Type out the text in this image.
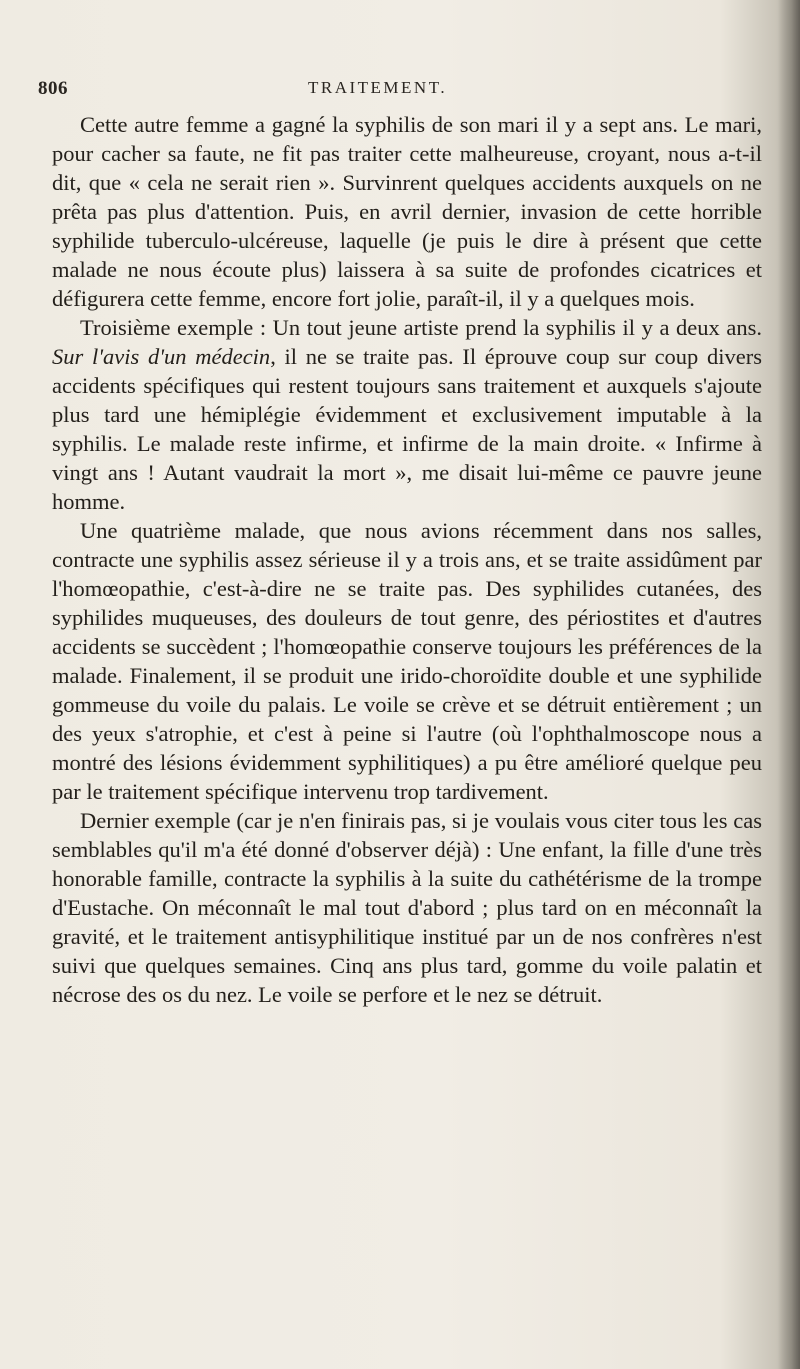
806	TRAITEMENT.

Cette autre femme a gagné la syphilis de son mari il y a sept ans. Le mari, pour cacher sa faute, ne fit pas traiter cette malheureuse, croyant, nous a-t-il dit, que « cela ne serait rien ». Survinrent quelques accidents auxquels on ne prêta pas plus d'attention. Puis, en avril dernier, invasion de cette horrible syphilide tuberculo-ulcéreuse, laquelle (je puis le dire à présent que cette malade ne nous écoute plus) laissera à sa suite de profondes cicatrices et défigurera cette femme, encore fort jolie, paraît-il, il y a quelques mois.

Troisième exemple : Un tout jeune artiste prend la syphilis il y a deux ans. Sur l'avis d'un médecin, il ne se traite pas. Il éprouve coup sur coup divers accidents spécifiques qui restent toujours sans traitement et auxquels s'ajoute plus tard une hémiplégie évidemment et exclusivement imputable à la syphilis. Le malade reste infirme, et infirme de la main droite. « Infirme à vingt ans ! Autant vaudrait la mort », me disait lui-même ce pauvre jeune homme.

Une quatrième malade, que nous avions récemment dans nos salles, contracte une syphilis assez sérieuse il y a trois ans, et se traite assidûment par l'homœopathie, c'est-à-dire ne se traite pas. Des syphilides cutanées, des syphilides muqueuses, des douleurs de tout genre, des périostites et d'autres accidents se succèdent ; l'homœopathie conserve toujours les préférences de la malade. Finalement, il se produit une irido-choroïdite double et une syphilide gommeuse du voile du palais. Le voile se crève et se détruit entièrement ; un des yeux s'atrophie, et c'est à peine si l'autre (où l'ophthalmoscope nous a montré des lésions évidemment syphilitiques) a pu être amélioré quelque peu par le traitement spécifique intervenu trop tardivement.

Dernier exemple (car je n'en finirais pas, si je voulais vous citer tous les cas semblables qu'il m'a été donné d'observer déjà) : Une enfant, la fille d'une très honorable famille, contracte la syphilis à la suite du cathétérisme de la trompe d'Eustache. On méconnaît le mal tout d'abord ; plus tard on en méconnaît la gravité, et le traitement antisyphilitique institué par un de nos confrères n'est suivi que quelques semaines. Cinq ans plus tard, gomme du voile palatin et nécrose des os du nez. Le voile se perfore et le nez se détruit.
